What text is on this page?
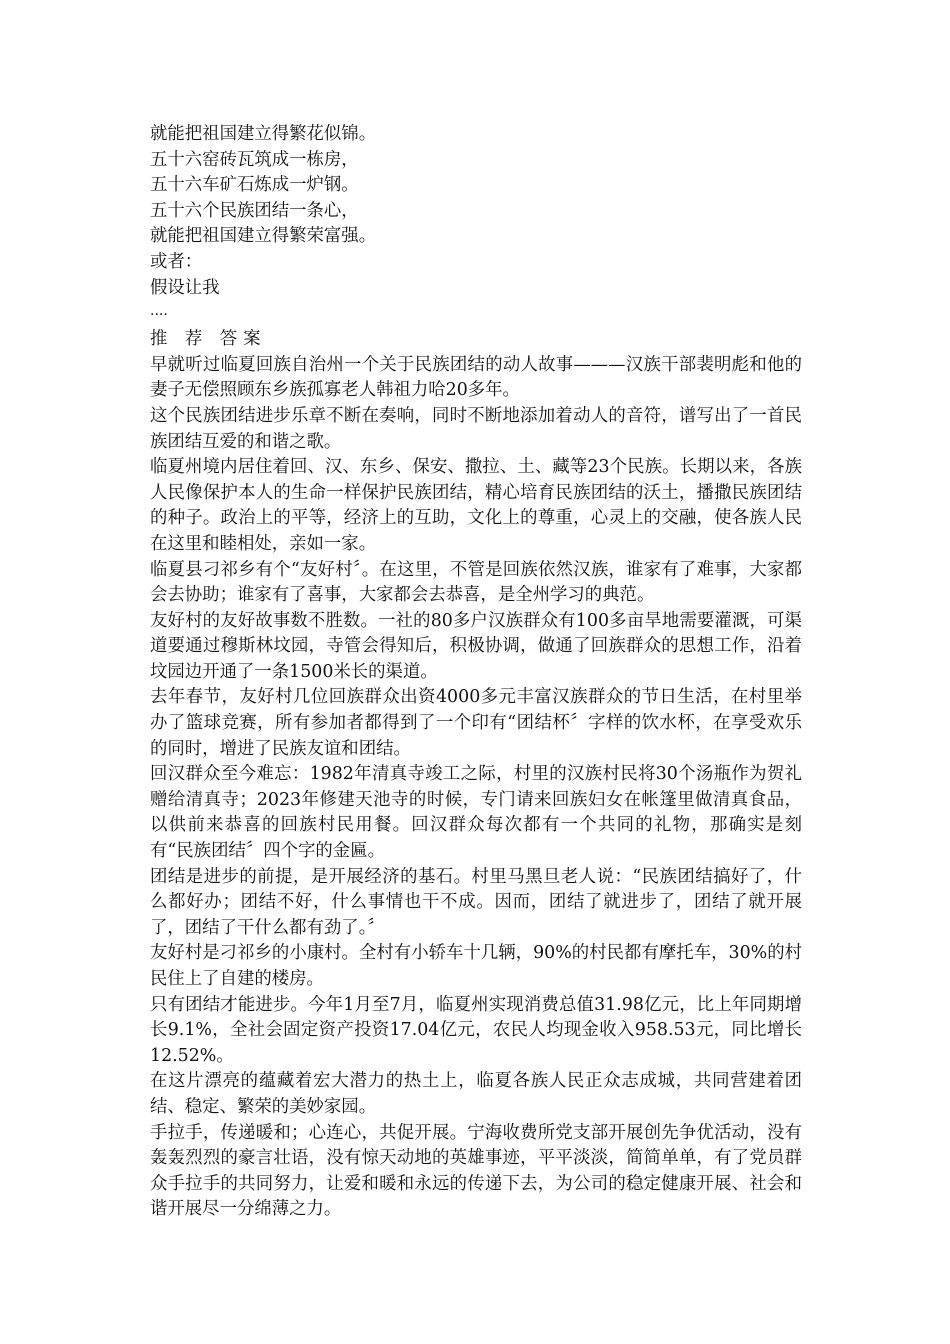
就能把祖国建立得繁花似锦。

五十六窑砖瓦筑成一栋房，

五十六车矿石炼成一炉钢。

五十六个民族团结一条心，

就能把祖国建立得繁荣富强。

或者：

假设让我

....

推 荐 答案

早就听过临夏回族自治州一个关于民族团结的动人故事———汉族干部裴明彪和他的妻子无偿照顾东乡族孤寡老人韩祖力哈20多年。

这个民族团结进步乐章不断在奏响，同时不断地添加着动人的音符，谱写出了一首民族团结互爱的和谐之歌。

临夏州境内居住着回、汉、东乡、保安、撒拉、土、藏等23个民族。长期以来，各族人民像保护本人的生命一样保护民族团结，精心培育民族团结的沃土，播撒民族团结的种子。政治上的平等，经济上的互助，文化上的尊重，心灵上的交融，使各族人民在这里和睦相处，亲如一家。

临夏县刁祁乡有个“友好村〞。在这里，不管是回族依然汉族，谁家有了难事，大家都会去协助；谁家有了喜事，大家都会去恭喜，是全州学习的典范。

友好村的友好故事数不胜数。一社的80多户汉族群众有100多亩旱地需要灌溉，可渠道要通过穆斯林坟园，寺管会得知后，积极协调，做通了回族群众的思想工作，沿着坟园边开通了一条1500米长的渠道。

去年春节，友好村几位回族群众出资4000多元丰富汉族群众的节日生活，在村里举办了篮球竞赛，所有参加者都得到了一个印有“团结杯〞字样的饮水杯，在享受欢乐的同时，增进了民族友谊和团结。

回汉群众至今难忘：1982年清真寺竣工之际，村里的汉族村民将30个汤瓶作为贺礼赠给清真寺；2023年修建天池寺的时候，专门请来回族妇女在帐篷里做清真食品，以供前来恭喜的回族村民用餐。回汉群众每次都有一个共同的礼物，那确实是刻有“民族团结〞四个字的金匾。

团结是进步的前提，是开展经济的基石。村里马黑旦老人说：“民族团结搞好了，什么都好办；团结不好，什么事情也干不成。因而，团结了就进步了，团结了就开展了，团结了干什么都有劲了。〞

友好村是刁祁乡的小康村。全村有小轿车十几辆，90%的村民都有摩托车，30%的村民住上了自建的楼房。

只有团结才能进步。今年1月至7月，临夏州实现消费总值31.98亿元，比上年同期增长9.1%，全社会固定资产投资17.04亿元，农民人均现金收入958.53元，同比增长12.52%。

在这片漂亮的蕴藏着宏大潜力的热土上，临夏各族人民正众志成城，共同营建着团结、稳定、繁荣的美妙家园。

手拉手，传递暖和；心连心，共促开展。宁海收费所党支部开展创先争优活动，没有轰轰烈烈的豪言壮语，没有惊天动地的英雄事迹，平平淡淡，简简单单，有了党员群众手拉手的共同努力，让爱和暖和永远的传递下去，为公司的稳定健康开展、社会和谐开展尽一分绵薄之力。
